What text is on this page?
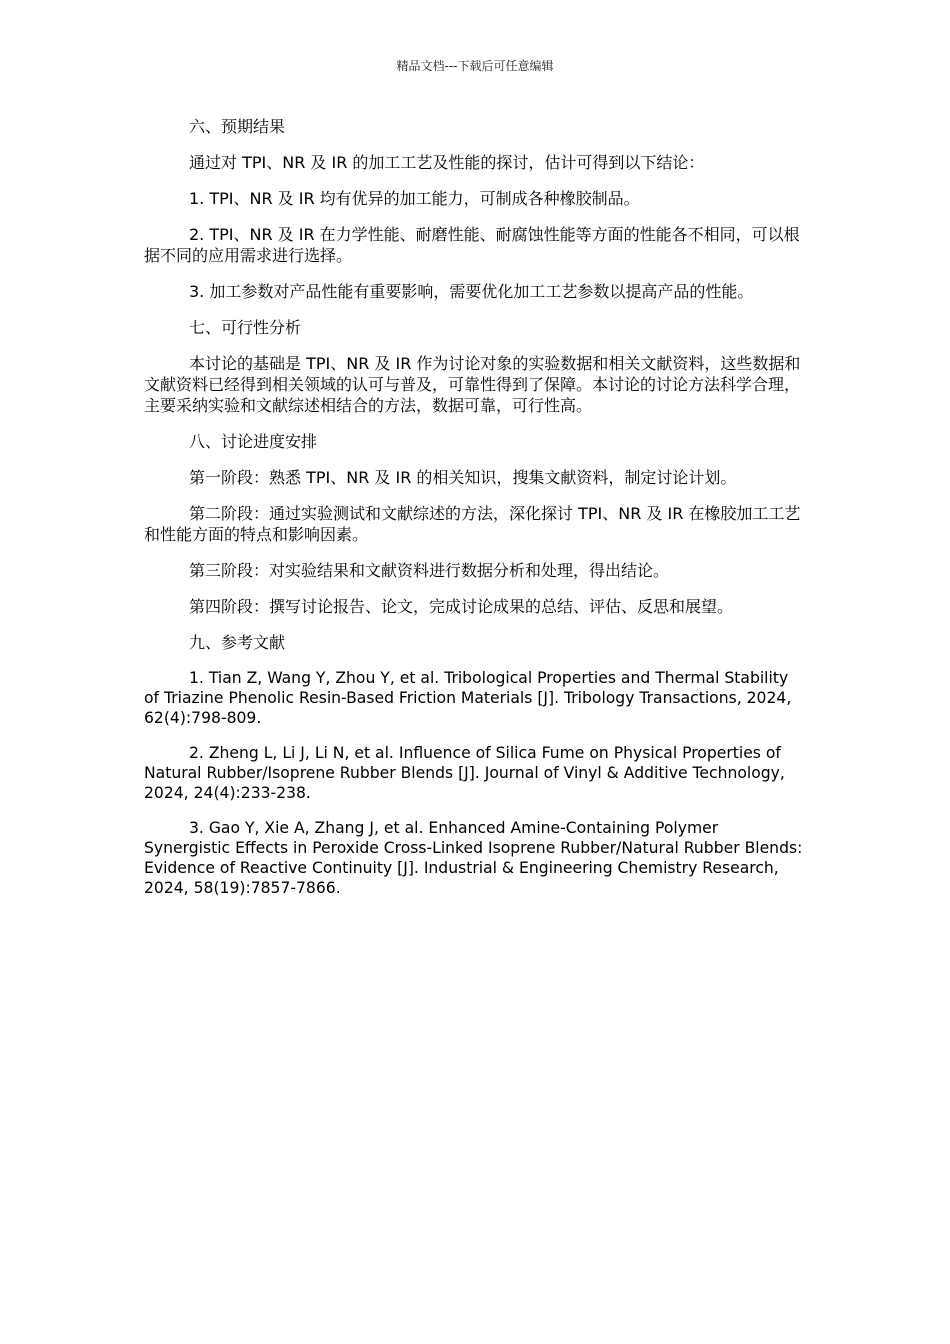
精品文档---下载后可任意编辑

六、预期结果

通过对 TPI、NR 及 IR 的加工工艺及性能的探讨，估计可得到以下结论：

1. TPI、NR 及 IR 均有优异的加工能力，可制成各种橡胶制品。

2. TPI、NR 及 IR 在力学性能、耐磨性能、耐腐蚀性能等方面的性能各不相同，可以根据不同的应用需求进行选择。

3. 加工参数对产品性能有重要影响，需要优化加工工艺参数以提高产品的性能。

七、可行性分析

本讨论的基础是 TPI、NR 及 IR 作为讨论对象的实验数据和相关文献资料，这些数据和文献资料已经得到相关领域的认可与普及，可靠性得到了保障。本讨论的讨论方法科学合理，主要采纳实验和文献综述相结合的方法，数据可靠，可行性高。

八、讨论进度安排

第一阶段：熟悉 TPI、NR 及 IR 的相关知识，搜集文献资料，制定讨论计划。

第二阶段：通过实验测试和文献综述的方法，深化探讨 TPI、NR 及 IR 在橡胶加工工艺和性能方面的特点和影响因素。

第三阶段：对实验结果和文献资料进行数据分析和处理，得出结论。

第四阶段：撰写讨论报告、论文，完成讨论成果的总结、评估、反思和展望。

九、参考文献

1. Tian Z, Wang Y, Zhou Y, et al. Tribological Properties and Thermal Stability of Triazine Phenolic Resin-Based Friction Materials [J]. Tribology Transactions, 2024, 62(4):798-809.

2. Zheng L, Li J, Li N, et al. Influence of Silica Fume on Physical Properties of Natural Rubber/Isoprene Rubber Blends [J]. Journal of Vinyl & Additive Technology, 2024, 24(4):233-238.

3. Gao Y, Xie A, Zhang J, et al. Enhanced Amine-Containing Polymer Synergistic Effects in Peroxide Cross-Linked Isoprene Rubber/Natural Rubber Blends: Evidence of Reactive Continuity [J]. Industrial & Engineering Chemistry Research, 2024, 58(19):7857-7866.
